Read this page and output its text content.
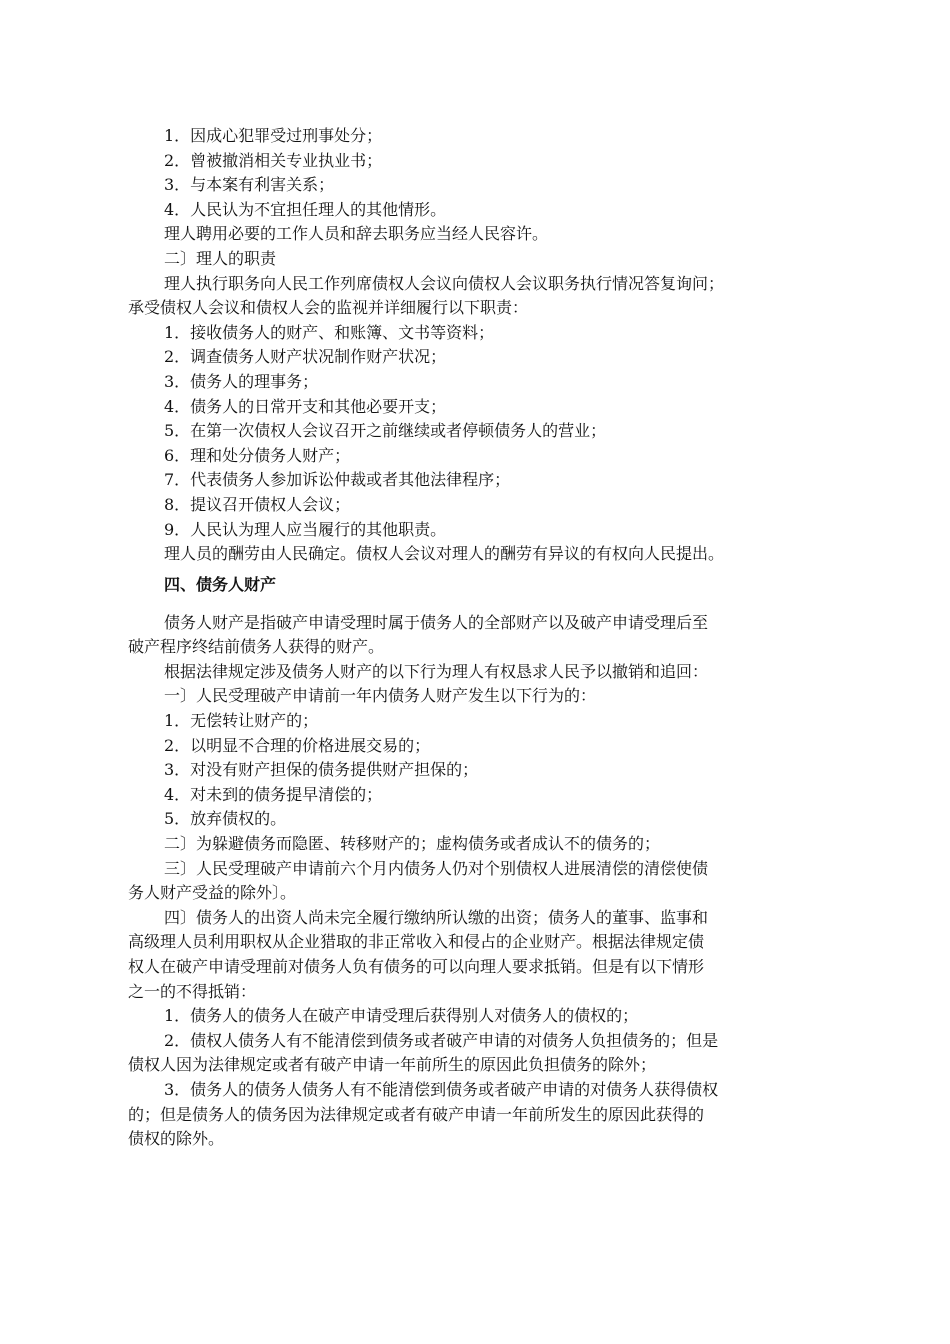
1．因成心犯罪受过刑事处分；

2．曾被撤消相关专业执业书；

3．与本案有利害关系；

4．人民认为不宜担任理人的其他情形。

理人聘用必要的工作人员和辞去职务应当经人民容许。

二〕理人的职责

理人执行职务向人民工作列席债权人会议向债权人会议职务执行情况答复询问；

承受债权人会议和债权人会的监视并详细履行以下职责：

1．接收债务人的财产、和账簿、文书等资料；

2．调查债务人财产状况制作财产状况；

3．债务人的理事务；

4．债务人的日常开支和其他必要开支；

5．在第一次债权人会议召开之前继续或者停顿债务人的营业；

6．理和处分债务人财产；

7．代表债务人参加诉讼仲裁或者其他法律程序；

8．提议召开债权人会议；

9．人民认为理人应当履行的其他职责。

理人员的酬劳由人民确定。债权人会议对理人的酬劳有异议的有权向人民提出。

四、债务人财产

债务人财产是指破产申请受理时属于债务人的全部财产以及破产申请受理后至

破产程序终结前债务人获得的财产。

根据法律规定涉及债务人财产的以下行为理人有权恳求人民予以撤销和追回：

一〕人民受理破产申请前一年内债务人财产发生以下行为的：

1．无偿转让财产的；

2．以明显不合理的价格进展交易的；

3．对没有财产担保的债务提供财产担保的；

4．对未到的债务提早清偿的；

5．放弃债权的。

二〕为躲避债务而隐匿、转移财产的；虚构债务或者成认不的债务的；

三〕人民受理破产申请前六个月内债务人仍对个别债权人进展清偿的清偿使债

务人财产受益的除外〕。

四〕债务人的出资人尚未完全履行缴纳所认缴的出资；债务人的董事、监事和

高级理人员利用职权从企业猎取的非正常收入和侵占的企业财产。根据法律规定债

权人在破产申请受理前对债务人负有债务的可以向理人要求抵销。但是有以下情形

之一的不得抵销：

1．债务人的债务人在破产申请受理后获得别人对债务人的债权的；

2．债权人债务人有不能清偿到债务或者破产申请的对债务人负担债务的；但是

债权人因为法律规定或者有破产申请一年前所生的原因此负担债务的除外；

3．债务人的债务人债务人有不能清偿到债务或者破产申请的对债务人获得债权

的；但是债务人的债务因为法律规定或者有破产申请一年前所发生的原因此获得的

债权的除外。
